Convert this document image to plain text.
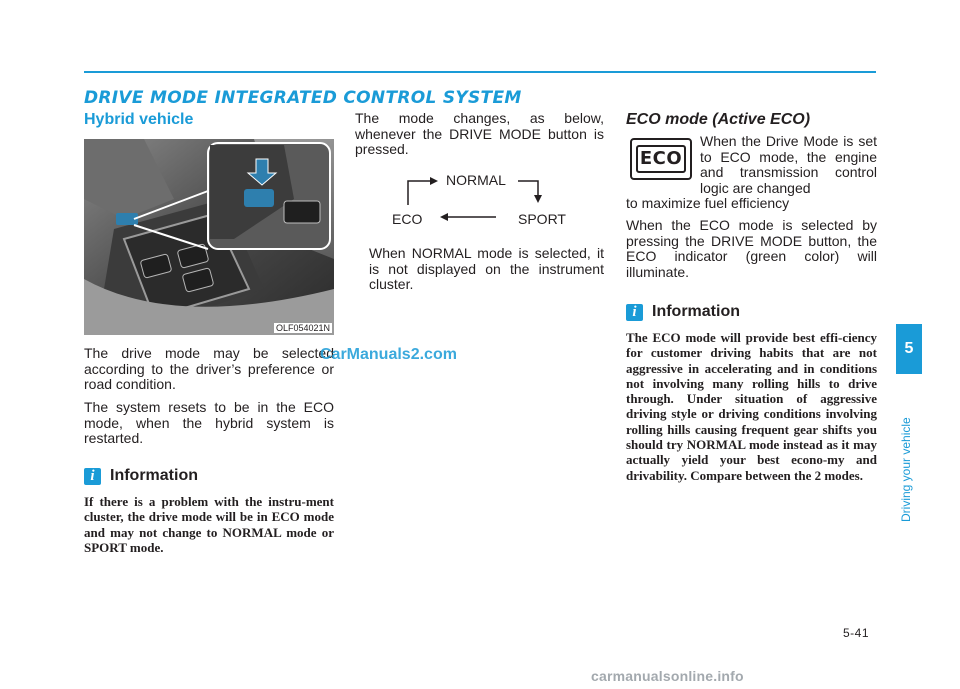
DRIVE MODE INTEGRATED CONTROL SYSTEM
Hybrid vehicle
OLF054021N
The drive mode may be selected according to the driver’s preference or road condition.
The system resets to be in the ECO mode, when the hybrid system is restarted.
i Information
If there is a problem with the instru-ment cluster, the drive mode will be in ECO mode and may not change to NORMAL mode or SPORT mode.
The mode changes, as below, whenever the DRIVE MODE button is pressed.
NORMAL
ECO	SPORT
When NORMAL mode is selected, it is not displayed on the instrument cluster.
ECO mode (Active ECO)
ECO
When the Drive Mode is set to ECO mode, the engine and transmission control logic are changed
to maximize fuel efficiency
When the ECO mode is selected by pressing the DRIVE MODE button, the ECO indicator (green color) will illuminate.
i Information
The ECO mode will provide best effi-ciency for customer driving habits that are not aggressive in accelerating and in conditions not involving many rolling hills to drive through. Under situation of aggressive driving style or driving conditions involving rolling hills causing frequent gear shifts you should try NORMAL mode instead as it may actually yield your best econo-my and drivability. Compare between the 2 modes.
5
Driving your vehicle
5-41
CarManuals2.com
carmanualsonline.info
